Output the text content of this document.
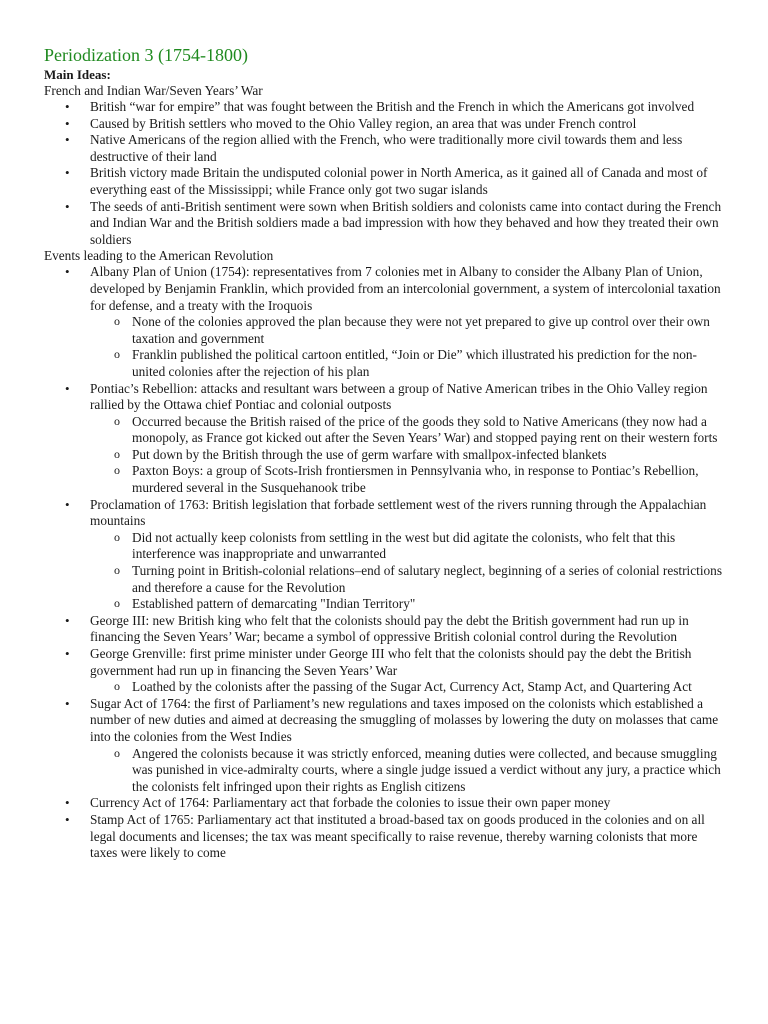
Periodization 3 (1754-1800)
Main Ideas:
French and Indian War/Seven Years’ War
• British “war for empire” that was fought between the British and the French in which the Americans got involved
• Caused by British settlers who moved to the Ohio Valley region, an area that was under French control
• Native Americans of the region allied with the French, who were traditionally more civil towards them and less destructive of their land
• British victory made Britain the undisputed colonial power in North America, as it gained all of Canada and most of everything east of the Mississippi; while France only got two sugar islands
• The seeds of anti-British sentiment were sown when British soldiers and colonists came into contact during the French and Indian War and the British soldiers made a bad impression with how they behaved and how they treated their own soldiers
Events leading to the American Revolution
• Albany Plan of Union (1754): representatives from 7 colonies met in Albany to consider the Albany Plan of Union, developed by Benjamin Franklin, which provided from an intercolonial government, a system of intercolonial taxation for defense, and a treaty with the Iroquois
o None of the colonies approved the plan because they were not yet prepared to give up control over their own taxation and government
o Franklin published the political cartoon entitled, “Join or Die” which illustrated his prediction for the non-united colonies after the rejection of his plan
• Pontiac’s Rebellion: attacks and resultant wars between a group of Native American tribes in the Ohio Valley region rallied by the Ottawa chief Pontiac and colonial outposts
o Occurred because the British raised of the price of the goods they sold to Native Americans (they now had a monopoly, as France got kicked out after the Seven Years’ War) and stopped paying rent on their western forts
o Put down by the British through the use of germ warfare with smallpox-infected blankets
o Paxton Boys: a group of Scots-Irish frontiersmen in Pennsylvania who, in response to Pontiac’s Rebellion, murdered several in the Susquehanook tribe
• Proclamation of 1763: British legislation that forbade settlement west of the rivers running through the Appalachian mountains
o Did not actually keep colonists from settling in the west but did agitate the colonists, who felt that this interference was inappropriate and unwarranted
o Turning point in British-colonial relations–end of salutary neglect, beginning of a series of colonial restrictions and therefore a cause for the Revolution
o Established pattern of demarcating "Indian Territory"
• George III: new British king who felt that the colonists should pay the debt the British government had run up in financing the Seven Years’ War; became a symbol of oppressive British colonial control during the Revolution
• George Grenville: first prime minister under George III who felt that the colonists should pay the debt the British government had run up in financing the Seven Years’ War
o Loathed by the colonists after the passing of the Sugar Act, Currency Act, Stamp Act, and Quartering Act
• Sugar Act of 1764: the first of Parliament’s new regulations and taxes imposed on the colonists which established a number of new duties and aimed at decreasing the smuggling of molasses by lowering the duty on molasses that came into the colonies from the West Indies
o Angered the colonists because it was strictly enforced, meaning duties were collected, and because smuggling was punished in vice-admiralty courts, where a single judge issued a verdict without any jury, a practice which the colonists felt infringed upon their rights as English citizens
• Currency Act of 1764: Parliamentary act that forbade the colonies to issue their own paper money
• Stamp Act of 1765: Parliamentary act that instituted a broad-based tax on goods produced in the colonies and on all legal documents and licenses; the tax was meant specifically to raise revenue, thereby warning colonists that more taxes were likely to come
